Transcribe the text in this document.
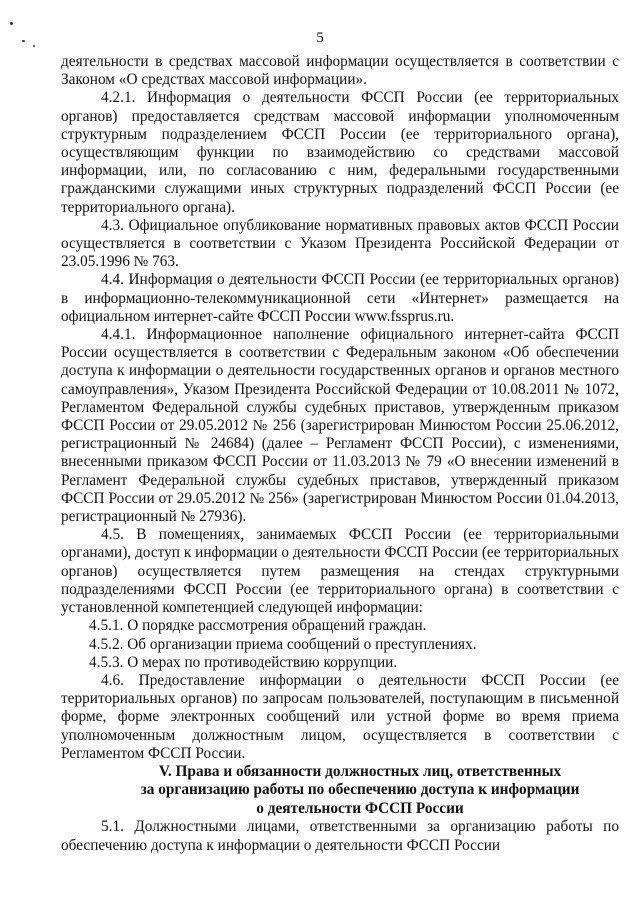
5

деятельности в средствах массовой информации осуществляется в соответствии с Законом «О средствах массовой информации».

4.2.1. Информация о деятельности ФССП России (ее территориальных органов) предоставляется средствам массовой информации уполномоченным структурным подразделением ФССП России (ее территориального органа), осуществляющим функции по взаимодействию со средствами массовой информации, или, по согласованию с ним, федеральными государственными гражданскими служащими иных структурных подразделений ФССП России (ее территориального органа).

4.3. Официальное опубликование нормативных правовых актов ФССП России осуществляется в соответствии с Указом Президента Российской Федерации от 23.05.1996 № 763.

4.4. Информация о деятельности ФССП России (ее территориальных органов) в информационно-телекоммуникационной сети «Интернет» размещается на официальном интернет-сайте ФССП России www.fssprus.ru.

4.4.1. Информационное наполнение официального интернет-сайта ФССП России осуществляется в соответствии с Федеральным законом «Об обеспечении доступа к информации о деятельности государственных органов и органов местного самоуправления», Указом Президента Российской Федерации от 10.08.2011 № 1072, Регламентом Федеральной службы судебных приставов, утвержденным приказом ФССП России от 29.05.2012 № 256 (зарегистрирован Минюстом России 25.06.2012, регистрационный № 24684) (далее – Регламент ФССП России), с изменениями, внесенными приказом ФССП России от 11.03.2013 № 79 «О внесении изменений в Регламент Федеральной службы судебных приставов, утвержденный приказом ФССП России от 29.05.2012 № 256» (зарегистрирован Минюстом России 01.04.2013, регистрационный № 27936).

4.5. В помещениях, занимаемых ФССП России (ее территориальными органами), доступ к информации о деятельности ФССП России (ее территориальных органов) осуществляется путем размещения на стендах структурными подразделениями ФССП России (ее территориального органа) в соответствии с установленной компетенцией следующей информации:

4.5.1. О порядке рассмотрения обращений граждан.

4.5.2. Об организации приема сообщений о преступлениях.

4.5.3. О мерах по противодействию коррупции.

4.6. Предоставление информации о деятельности ФССП России (ее территориальных органов) по запросам пользователей, поступающим в письменной форме, форме электронных сообщений или устной форме во время приема уполномоченным должностным лицом, осуществляется в соответствии с Регламентом ФССП России.

V. Права и обязанности должностных лиц, ответственных
за организацию работы по обеспечению доступа к информации
о деятельности ФССП России

5.1. Должностными лицами, ответственными за организацию работы по обеспечению доступа к информации о деятельности ФССП России
